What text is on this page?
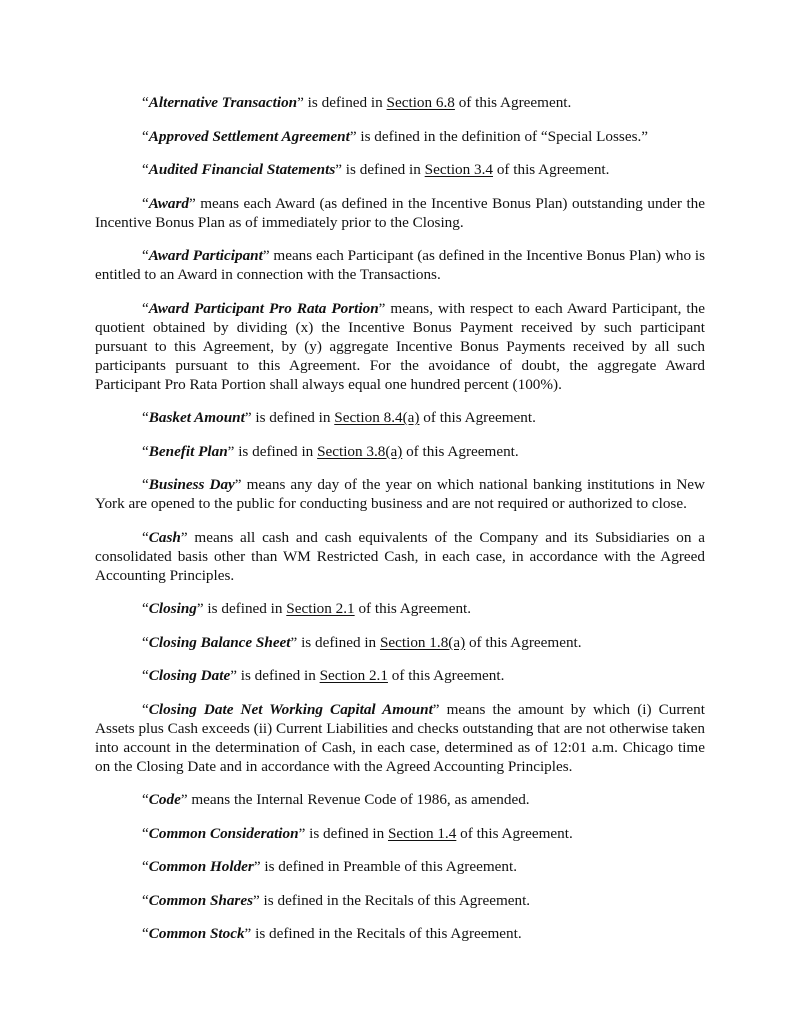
“Alternative Transaction” is defined in Section 6.8 of this Agreement.

“Approved Settlement Agreement” is defined in the definition of “Special Losses.”

“Audited Financial Statements” is defined in Section 3.4 of this Agreement.

“Award” means each Award (as defined in the Incentive Bonus Plan) outstanding under the Incentive Bonus Plan as of immediately prior to the Closing.

“Award Participant” means each Participant (as defined in the Incentive Bonus Plan) who is entitled to an Award in connection with the Transactions.

“Award Participant Pro Rata Portion” means, with respect to each Award Participant, the quotient obtained by dividing (x) the Incentive Bonus Payment received by such participant pursuant to this Agreement, by (y) aggregate Incentive Bonus Payments received by all such participants pursuant to this Agreement. For the avoidance of doubt, the aggregate Award Participant Pro Rata Portion shall always equal one hundred percent (100%).

“Basket Amount” is defined in Section 8.4(a) of this Agreement.

“Benefit Plan” is defined in Section 3.8(a) of this Agreement.

“Business Day” means any day of the year on which national banking institutions in New York are opened to the public for conducting business and are not required or authorized to close.

“Cash” means all cash and cash equivalents of the Company and its Subsidiaries on a consolidated basis other than WM Restricted Cash, in each case, in accordance with the Agreed Accounting Principles.

“Closing” is defined in Section 2.1 of this Agreement.

“Closing Balance Sheet” is defined in Section 1.8(a) of this Agreement.

“Closing Date” is defined in Section 2.1 of this Agreement.

“Closing Date Net Working Capital Amount” means the amount by which (i) Current Assets plus Cash exceeds (ii) Current Liabilities and checks outstanding that are not otherwise taken into account in the determination of Cash, in each case, determined as of 12:01 a.m. Chicago time on the Closing Date and in accordance with the Agreed Accounting Principles.

“Code” means the Internal Revenue Code of 1986, as amended.

“Common Consideration” is defined in Section 1.4 of this Agreement.

“Common Holder” is defined in Preamble of this Agreement.

“Common Shares” is defined in the Recitals of this Agreement.

“Common Stock” is defined in the Recitals of this Agreement.
